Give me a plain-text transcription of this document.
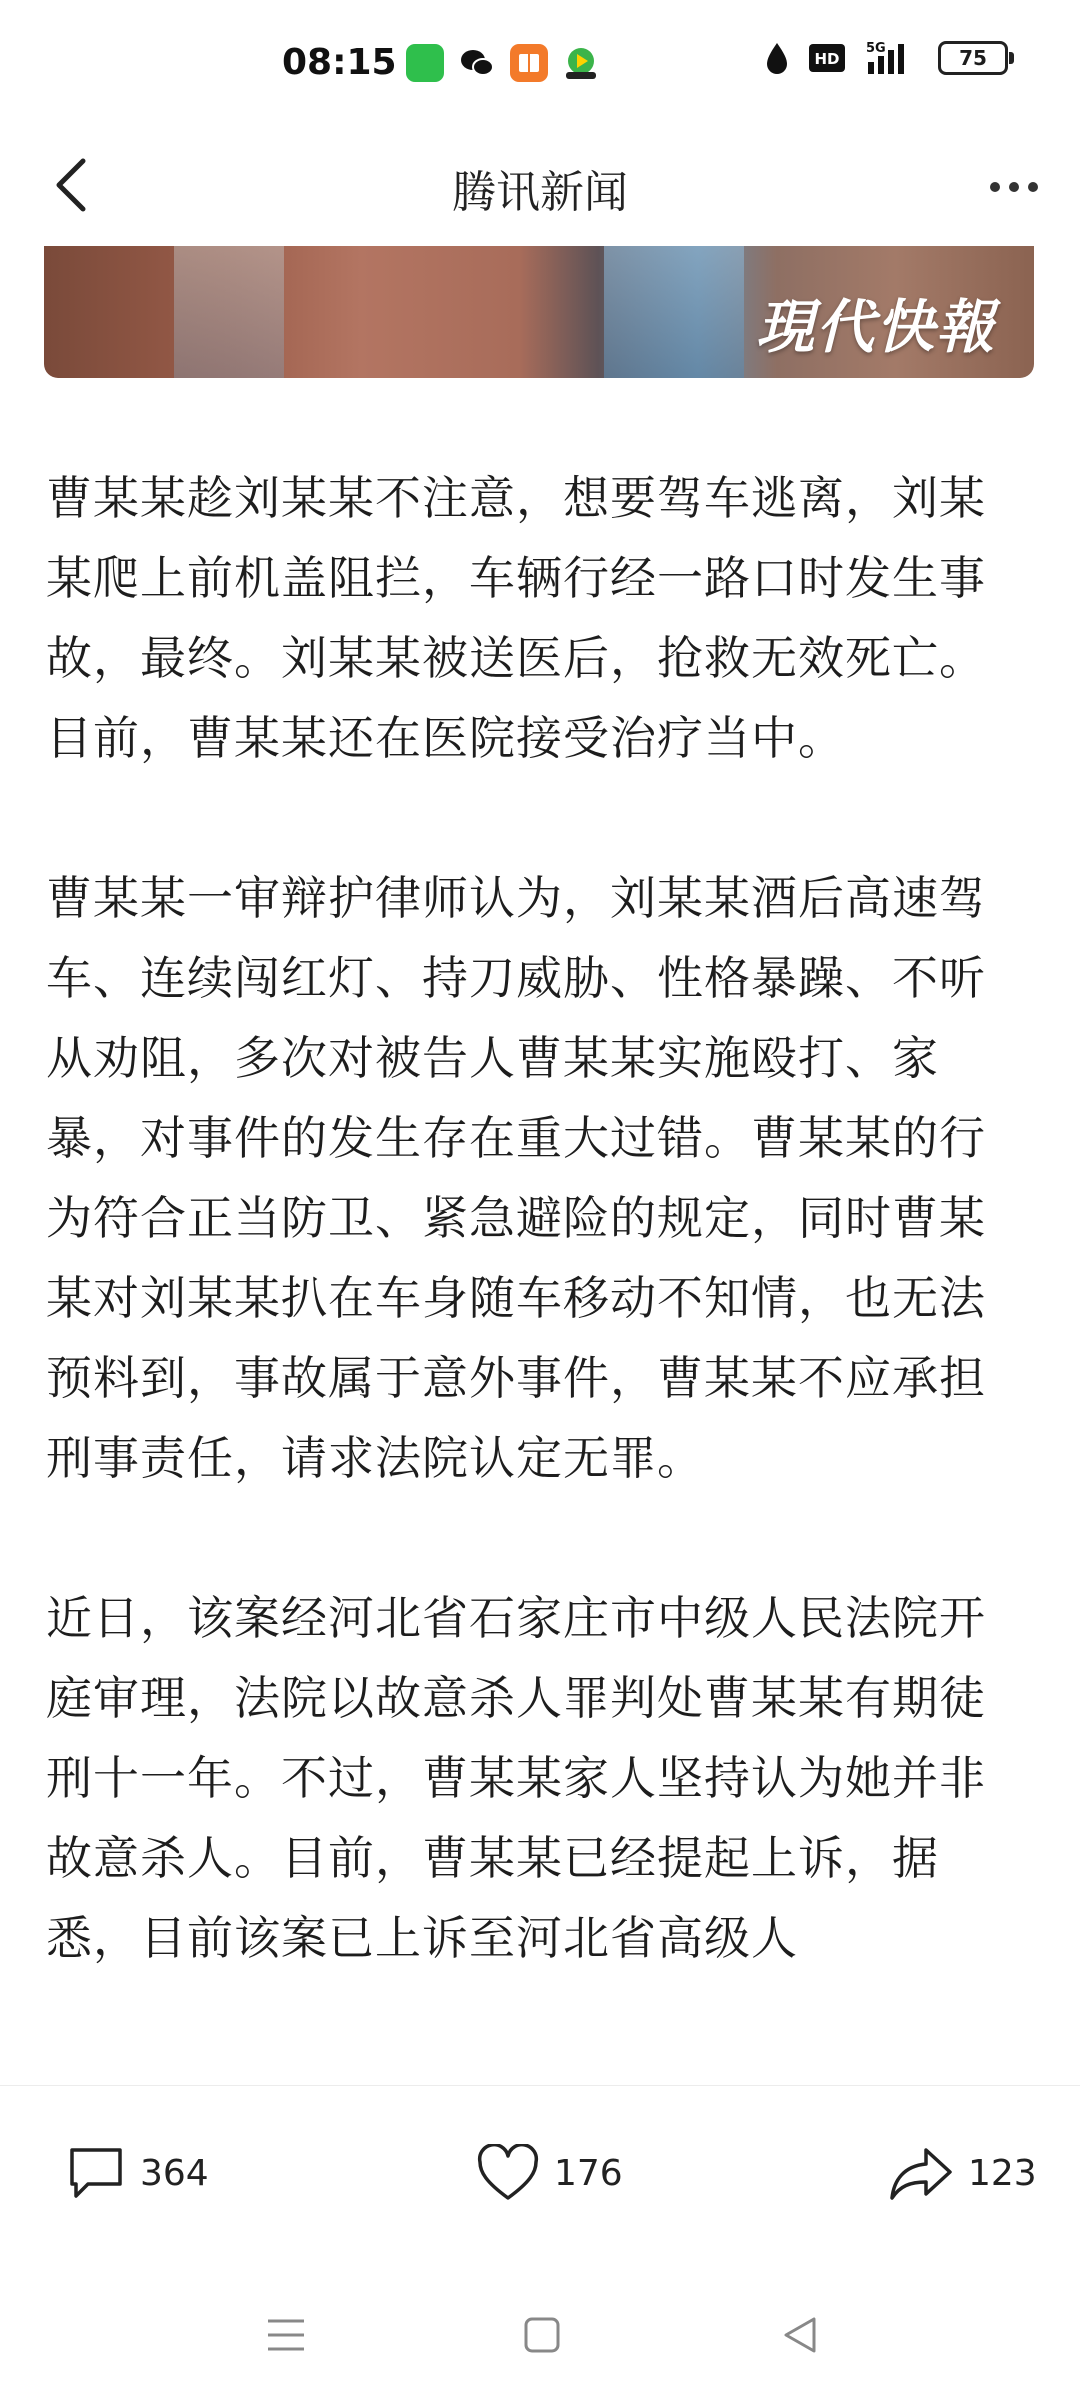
08:15	HD
5G	75
腾讯新闻
現代快報

曹某某趁刘某某不注意，想要驾车逃离，刘某某爬上前机盖阻拦，车辆行经一路口时发生事故，最终。刘某某被送医后，抢救无效死亡。目前，曹某某还在医院接受治疗当中。

曹某某一审辩护律师认为，刘某某酒后高速驾车、连续闯红灯、持刀威胁、性格暴躁、不听从劝阻，多次对被告人曹某某实施殴打、家暴，对事件的发生存在重大过错。曹某某的行为符合正当防卫、紧急避险的规定，同时曹某某对刘某某扒在车身随车移动不知情，也无法预料到，事故属于意外事件，曹某某不应承担刑事责任，请求法院认定无罪。

近日，该案经河北省石家庄市中级人民法院开庭审理，法院以故意杀人罪判处曹某某有期徒刑十一年。不过，曹某某家人坚持认为她并非故意杀人。目前，曹某某已经提起上诉，据悉，目前该案已上诉至河北省高级人

364	176	123
